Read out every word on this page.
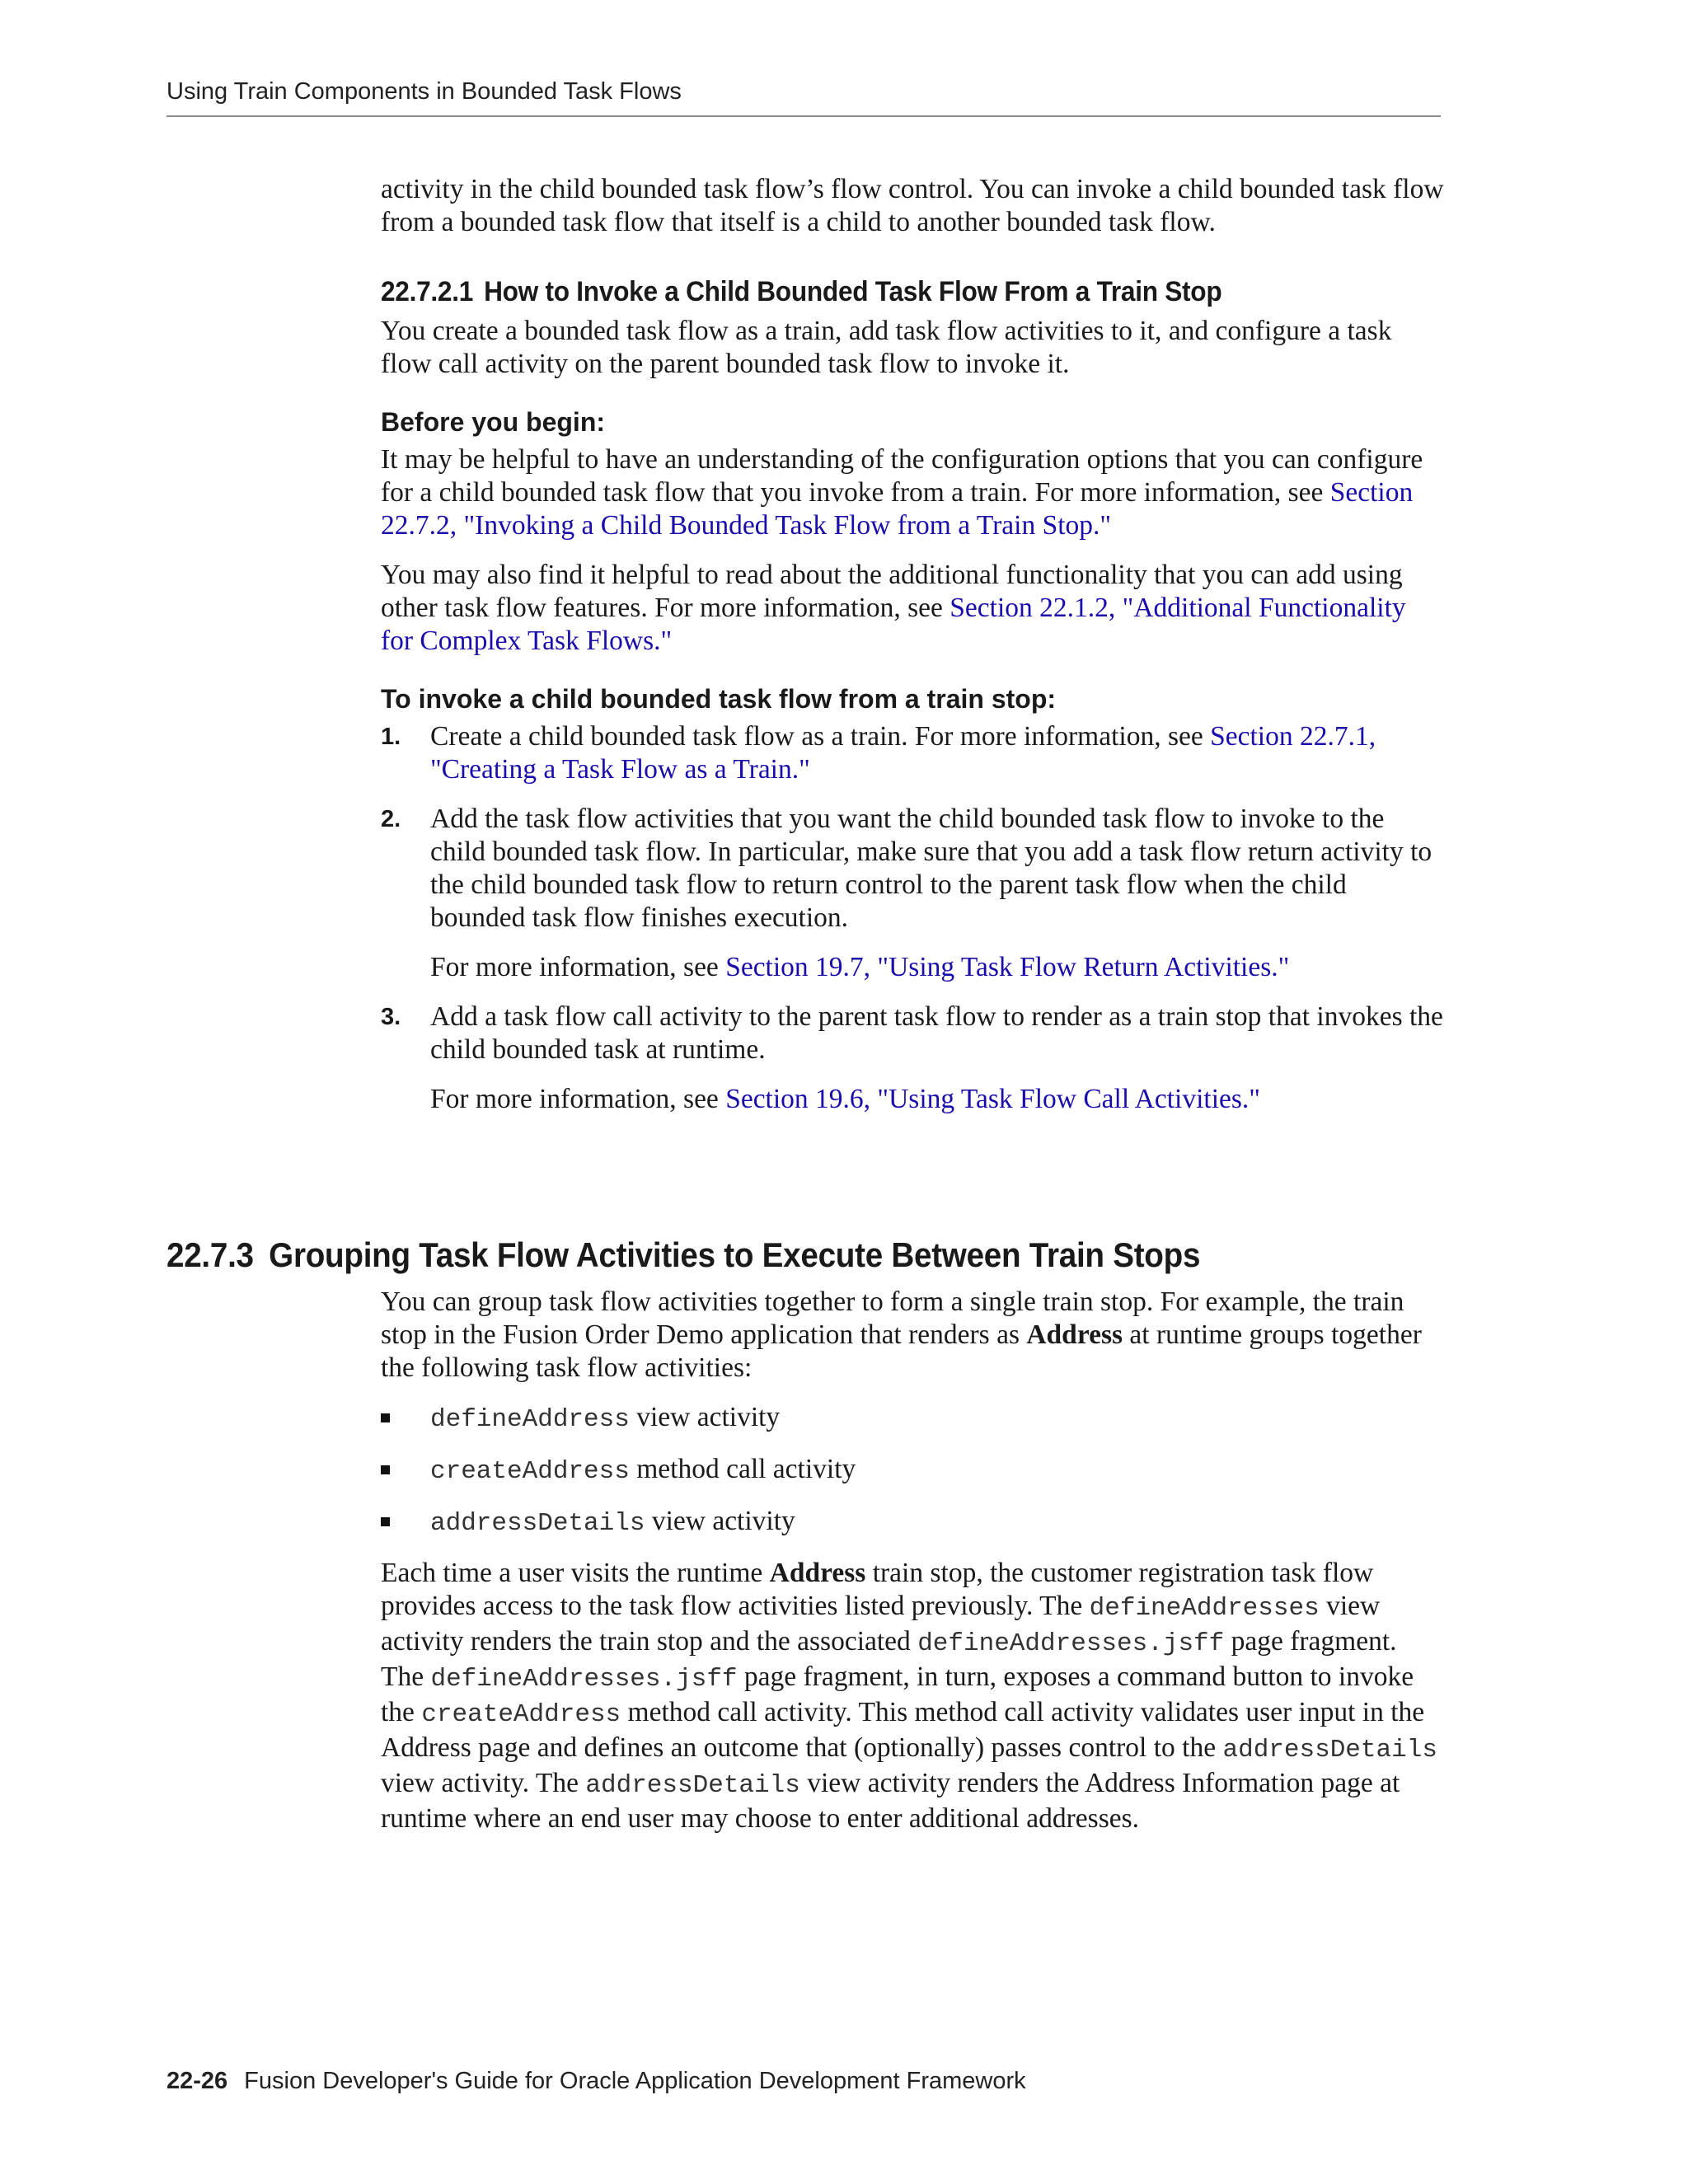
Using Train Components in Bounded Task Flows

activity in the child bounded task flow’s flow control. You can invoke a child bounded task flow from a bounded task flow that itself is a child to another bounded task flow.

22.7.2.1 How to Invoke a Child Bounded Task Flow From a Train Stop

You create a bounded task flow as a train, add task flow activities to it, and configure a task flow call activity on the parent bounded task flow to invoke it.

Before you begin:

It may be helpful to have an understanding of the configuration options that you can configure for a child bounded task flow that you invoke from a train. For more information, see Section 22.7.2, "Invoking a Child Bounded Task Flow from a Train Stop."

You may also find it helpful to read about the additional functionality that you can add using other task flow features. For more information, see Section 22.1.2, "Additional Functionality for Complex Task Flows."

To invoke a child bounded task flow from a train stop:
1. Create a child bounded task flow as a train. For more information, see Section 22.7.1, "Creating a Task Flow as a Train."
2. Add the task flow activities that you want the child bounded task flow to invoke to the child bounded task flow. In particular, make sure that you add a task flow return activity to the child bounded task flow to return control to the parent task flow when the child bounded task flow finishes execution.
For more information, see Section 19.7, "Using Task Flow Return Activities."
3. Add a task flow call activity to the parent task flow to render as a train stop that invokes the child bounded task at runtime.
For more information, see Section 19.6, "Using Task Flow Call Activities."
22.7.3 Grouping Task Flow Activities to Execute Between Train Stops

You can group task flow activities together to form a single train stop. For example, the train stop in the Fusion Order Demo application that renders as Address at runtime groups together the following task flow activities:

defineAddress view activity
createAddress method call activity
addressDetails view activity

Each time a user visits the runtime Address train stop, the customer registration task flow provides access to the task flow activities listed previously. The defineAddresses view activity renders the train stop and the associated defineAddresses.jsff page fragment. The defineAddresses.jsff page fragment, in turn, exposes a command button to invoke the createAddress method call activity. This method call activity validates user input in the Address page and defines an outcome that (optionally) passes control to the addressDetails view activity. The addressDetails view activity renders the Address Information page at runtime where an end user may choose to enter additional addresses.

22-26 Fusion Developer's Guide for Oracle Application Development Framework
